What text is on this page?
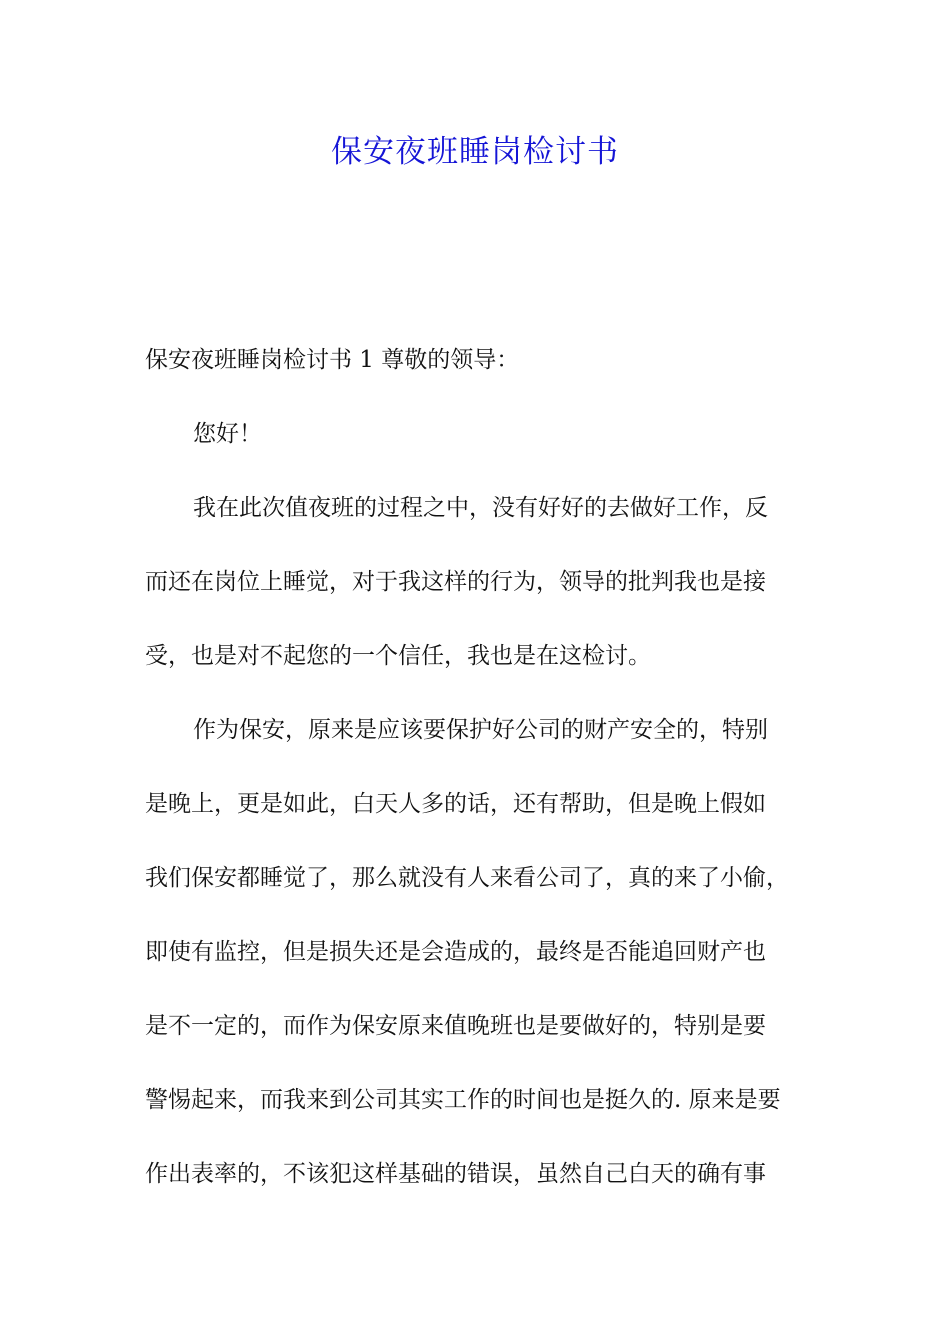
保安夜班睡岗检讨书
保安夜班睡岗检讨书 1 尊敬的领导：
您好！
我在此次值夜班的过程之中，没有好好的去做好工作，反
而还在岗位上睡觉，对于我这样的行为，领导的批判我也是接
受，也是对不起您的一个信任，我也是在这检讨。
作为保安，原来是应该要保护好公司的财产安全的，特别
是晚上，更是如此，白天人多的话，还有帮助，但是晚上假如
我们保安都睡觉了，那么就没有人来看公司了，真的来了小偷，
即使有监控，但是损失还是会造成的，最终是否能追回财产也
是不一定的，而作为保安原来值晚班也是要做好的，特别是要
警惕起来，而我来到公司其实工作的时间也是挺久的. 原来是要
作出表率的，不该犯这样基础的错误，虽然自己白天的确有事
